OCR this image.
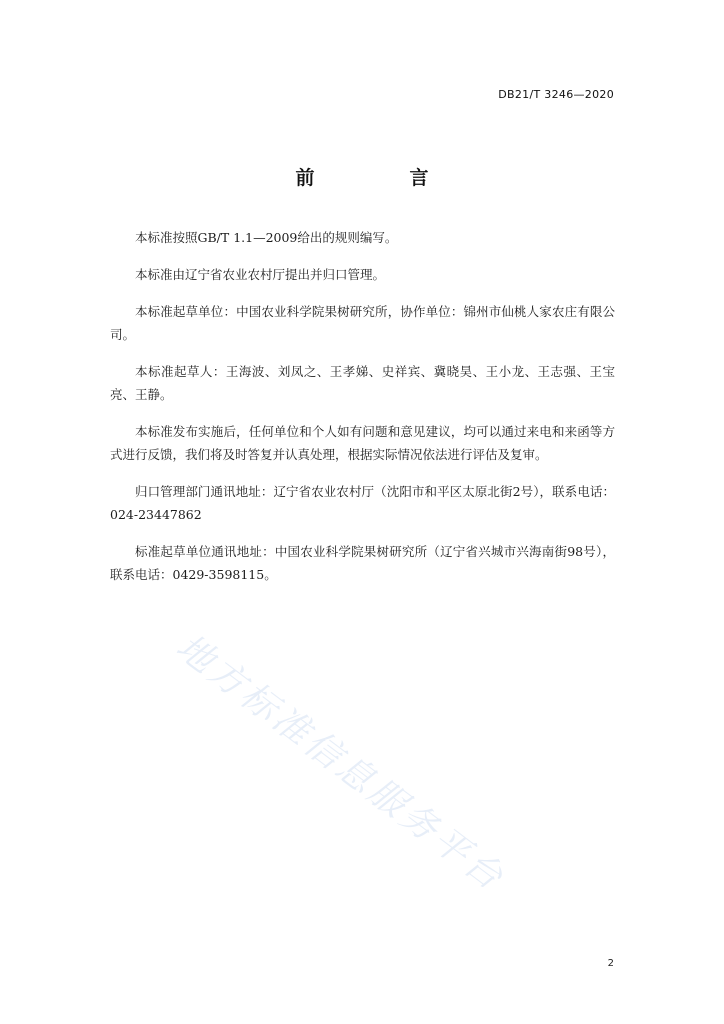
DB21/T 3246—2020
前　言

本标准按照GB/T 1.1—2009给出的规则编写。

本标准由辽宁省农业农村厅提出并归口管理。

本标准起草单位：中国农业科学院果树研究所，协作单位：锦州市仙桃人家农庄有限公司。

本标准起草人：王海波、刘凤之、王孝娣、史祥宾、冀晓昊、王小龙、王志强、王宝亮、王静。

本标准发布实施后，任何单位和个人如有问题和意见建议，均可以通过来电和来函等方式进行反馈，我们将及时答复并认真处理，根据实际情况依法进行评估及复审。

归口管理部门通讯地址：辽宁省农业农村厅（沈阳市和平区太原北街2号），联系电话：024-23447862

标准起草单位通讯地址：中国农业科学院果树研究所（辽宁省兴城市兴海南街98号），联系电话：0429-3598115。

地方标准信息服务平台
2
